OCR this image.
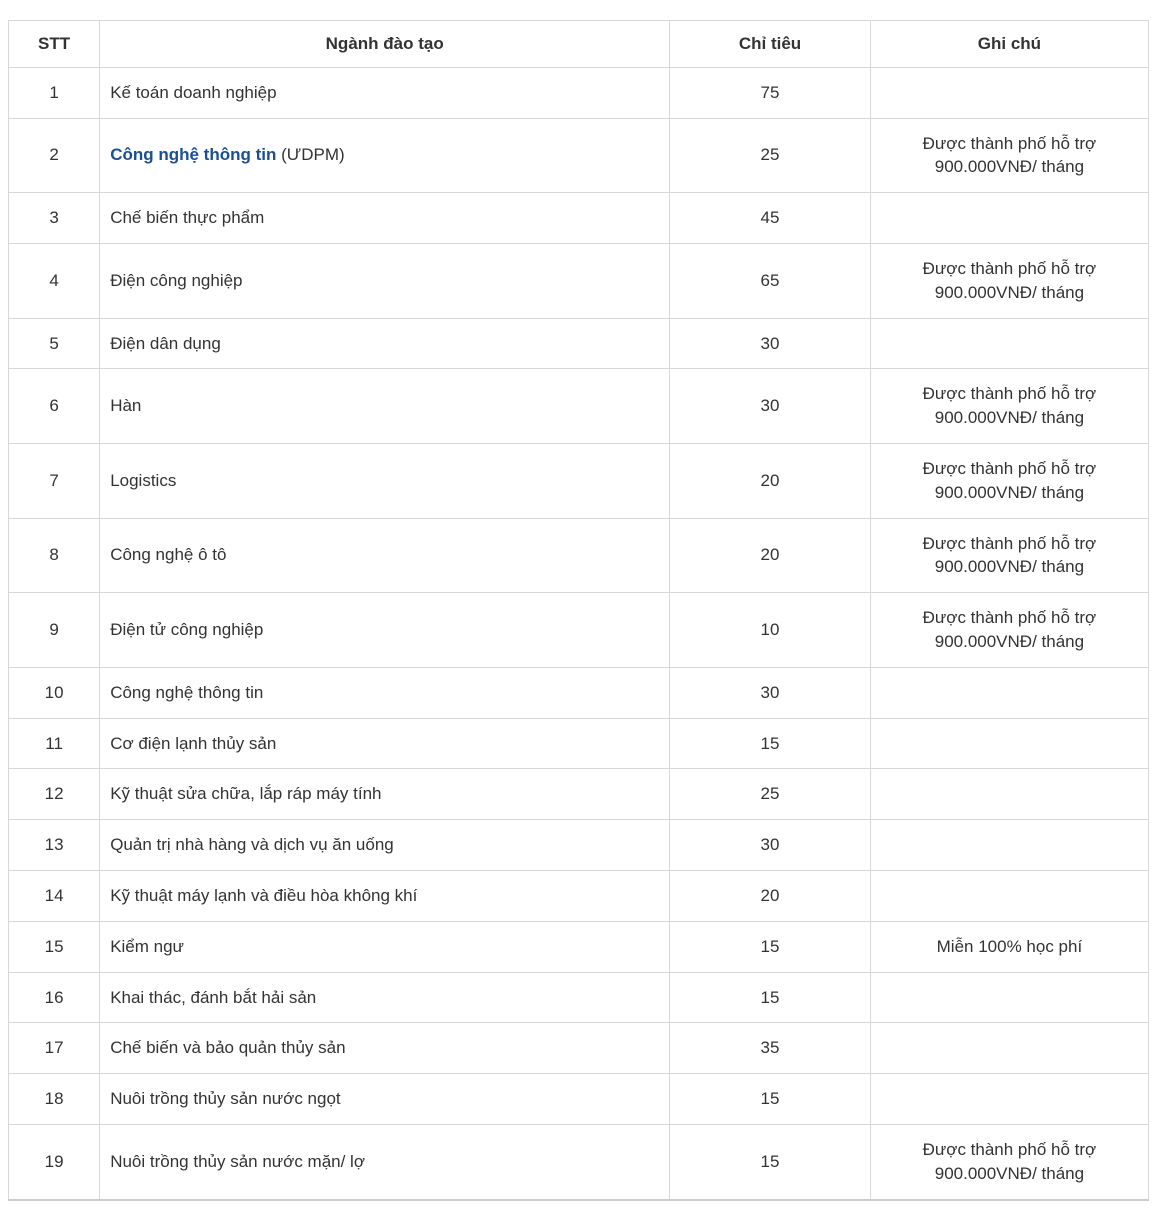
STT	Ngành đào tạo	Chỉ tiêu	Ghi chú
1	Kế toán doanh nghiệp	75	
2	Công nghệ thông tin (ƯDPM)	25	Được thành phố hỗ trợ 900.000VNĐ/ tháng
3	Chế biến thực phẩm	45	
4	Điện công nghiệp	65	Được thành phố hỗ trợ 900.000VNĐ/ tháng
5	Điện dân dụng	30	
6	Hàn	30	Được thành phố hỗ trợ 900.000VNĐ/ tháng
7	Logistics	20	Được thành phố hỗ trợ 900.000VNĐ/ tháng
8	Công nghệ ô tô	20	Được thành phố hỗ trợ 900.000VNĐ/ tháng
9	Điện tử công nghiệp	10	Được thành phố hỗ trợ 900.000VNĐ/ tháng
10	Công nghệ thông tin	30	
11	Cơ điện lạnh thủy sản	15	
12	Kỹ thuật sửa chữa, lắp ráp máy tính	25	
13	Quản trị nhà hàng và dịch vụ ăn uống	30	
14	Kỹ thuật máy lạnh và điều hòa không khí	20	
15	Kiểm ngư	15	Miễn 100% học phí
16	Khai thác, đánh bắt hải sản	15	
17	Chế biến và bảo quản thủy sản	35	
18	Nuôi trồng thủy sản nước ngọt	15	
19	Nuôi trồng thủy sản nước mặn/ lợ	15	Được thành phố hỗ trợ 900.000VNĐ/ tháng
